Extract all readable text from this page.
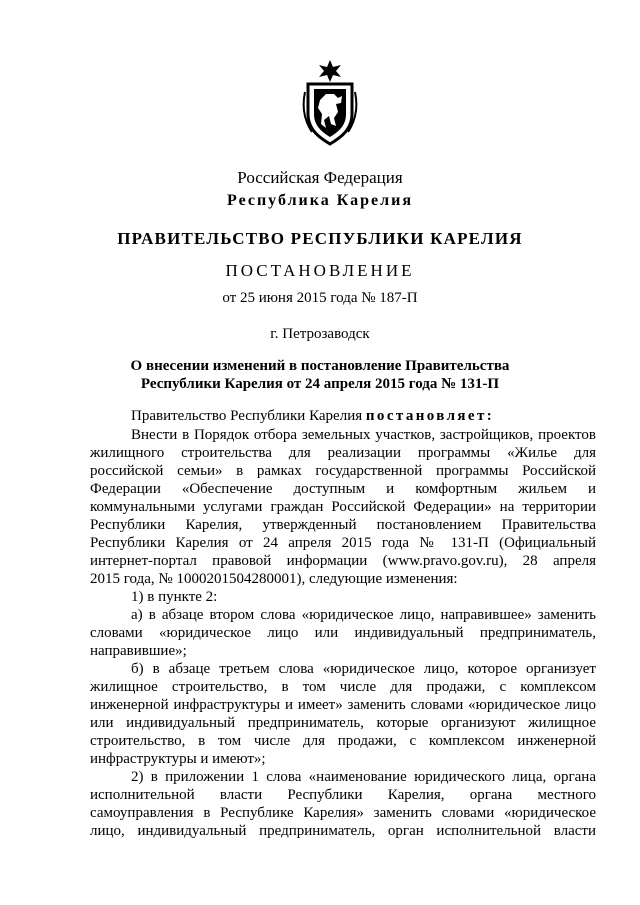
Российская Федерация
Республика Карелия
ПРАВИТЕЛЬСТВО РЕСПУБЛИКИ КАРЕЛИЯ
ПОСТАНОВЛЕНИЕ
от 25 июня 2015 года № 187-П
г. Петрозаводск
О внесении изменений в постановление Правительства
Республики Карелия от 24 апреля 2015 года № 131-П
Правительство Республики Карелия постановляет:
Внести в Порядок отбора земельных участков, застройщиков, проектов
жилищного строительства для реализации программы «Жилье для
российской семьи» в рамках государственной программы Российской
Федерации «Обеспечение доступным и комфортным жильем и
коммунальными услугами граждан Российской Федерации» на территории
Республики Карелия, утвержденный постановлением Правительства
Республики Карелия от 24 апреля 2015 года № 131-П (Официальный
интернет-портал правовой информации (www.pravo.gov.ru), 28 апреля
2015 года, № 1000201504280001), следующие изменения:
1) в пункте 2:
а) в абзаце втором слова «юридическое лицо, направившее» заменить
словами «юридическое лицо или индивидуальный предприниматель,
направившие»;
б) в абзаце третьем слова «юридическое лицо, которое организует
жилищное строительство, в том числе для продажи, с комплексом
инженерной инфраструктуры и имеет» заменить словами «юридическое лицо
или индивидуальный предприниматель, которые организуют жилищное
строительство, в том числе для продажи, с комплексом инженерной
инфраструктуры и имеют»;
2) в приложении 1 слова «наименование юридического лица, органа
исполнительной власти Республики Карелия, органа местного
самоуправления в Республике Карелия» заменить словами «юридическое
лицо, индивидуальный предприниматель, орган исполнительной власти
